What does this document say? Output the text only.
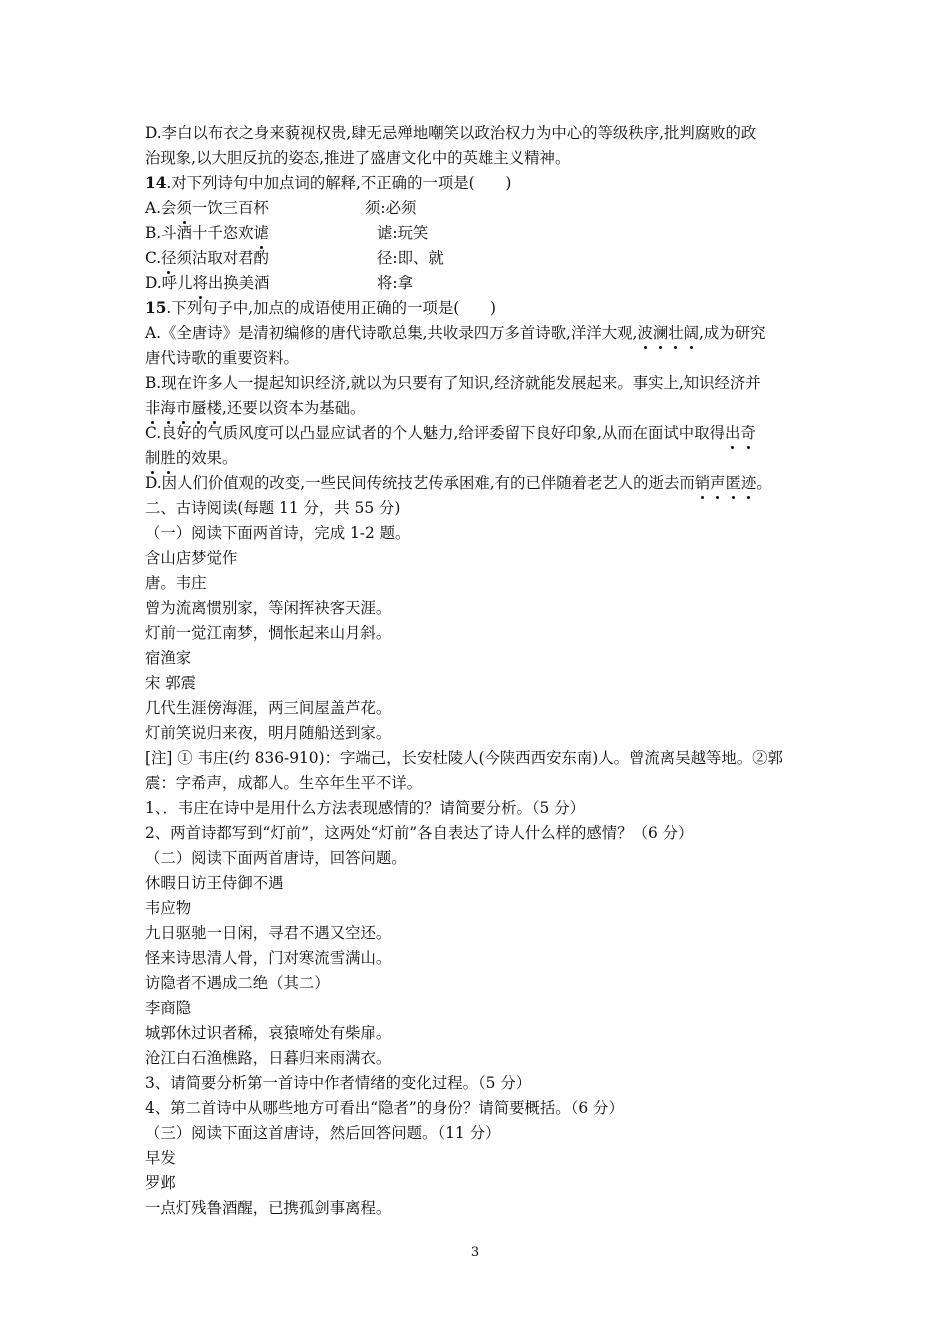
D.李白以布衣之身来藐视权贵,肆无忌殚地嘲笑以政治权力为中心的等级秩序,批判腐败的政
治现象,以大胆反抗的姿态,推进了盛唐文化中的英雄主义精神。
14.对下列诗句中加点词的解释,不正确的一项是(　　)
A.会须一饮三百杯	须:必须
B.斗酒十千恣欢谑	谑:玩笑
C.径须沽取对君酌	径:即、就
D.呼儿将出换美酒	将:拿
15.下列句子中,加点的成语使用正确的一项是(　　)
A.《全唐诗》是清初编修的唐代诗歌总集,共收录四万多首诗歌,洋洋大观,波澜壮阔,成为研究
唐代诗歌的重要资料。
B.现在许多人一提起知识经济,就以为只要有了知识,经济就能发展起来。事实上,知识经济并
非海市蜃楼,还要以资本为基础。
C.良好的气质风度可以凸显应试者的个人魅力,给评委留下良好印象,从而在面试中取得出奇
制胜的效果。
D.因人们价值观的改变,一些民间传统技艺传承困难,有的已伴随着老艺人的逝去而销声匿迹。
二、古诗阅读(每题 11 分，共 55 分)
（一）阅读下面两首诗，完成 1-2 题。
含山店梦觉作
唐。韦庄
曾为流离惯别家，等闲挥袂客天涯。
灯前一觉江南梦，惆怅起来山月斜。
宿渔家
宋 郭震
几代生涯傍海涯，两三间屋盖芦花。
灯前笑说归来夜，明月随船送到家。
[注] ① 韦庄(约 836-910)：字端己，长安杜陵人(今陕西西安东南)人。曾流离吴越等地。②郭
震：字希声，成都人。生卒年生平不详。
1、．韦庄在诗中是用什么方法表现感情的？请简要分析。（5 分）
2、两首诗都写到“灯前”，这两处“灯前”各自表达了诗人什么样的感情？（6 分）
（二）阅读下面两首唐诗，回答问题。
休暇日访王侍御不遇
韦应物
九日驱驰一日闲，寻君不遇又空还。
怪来诗思清人骨，门对寒流雪满山。
访隐者不遇成二绝（其二）
李商隐
城郭休过识者稀，哀猿啼处有柴扉。
沧江白石渔樵路，日暮归来雨满衣。
3、请简要分析第一首诗中作者情绪的变化过程。（5 分）
4、第二首诗中从哪些地方可看出“隐者”的身份？请简要概括。（6 分）
（三）阅读下面这首唐诗，然后回答问题。（11 分）
早发
罗邺
一点灯残鲁酒醒，已携孤剑事离程。
3
